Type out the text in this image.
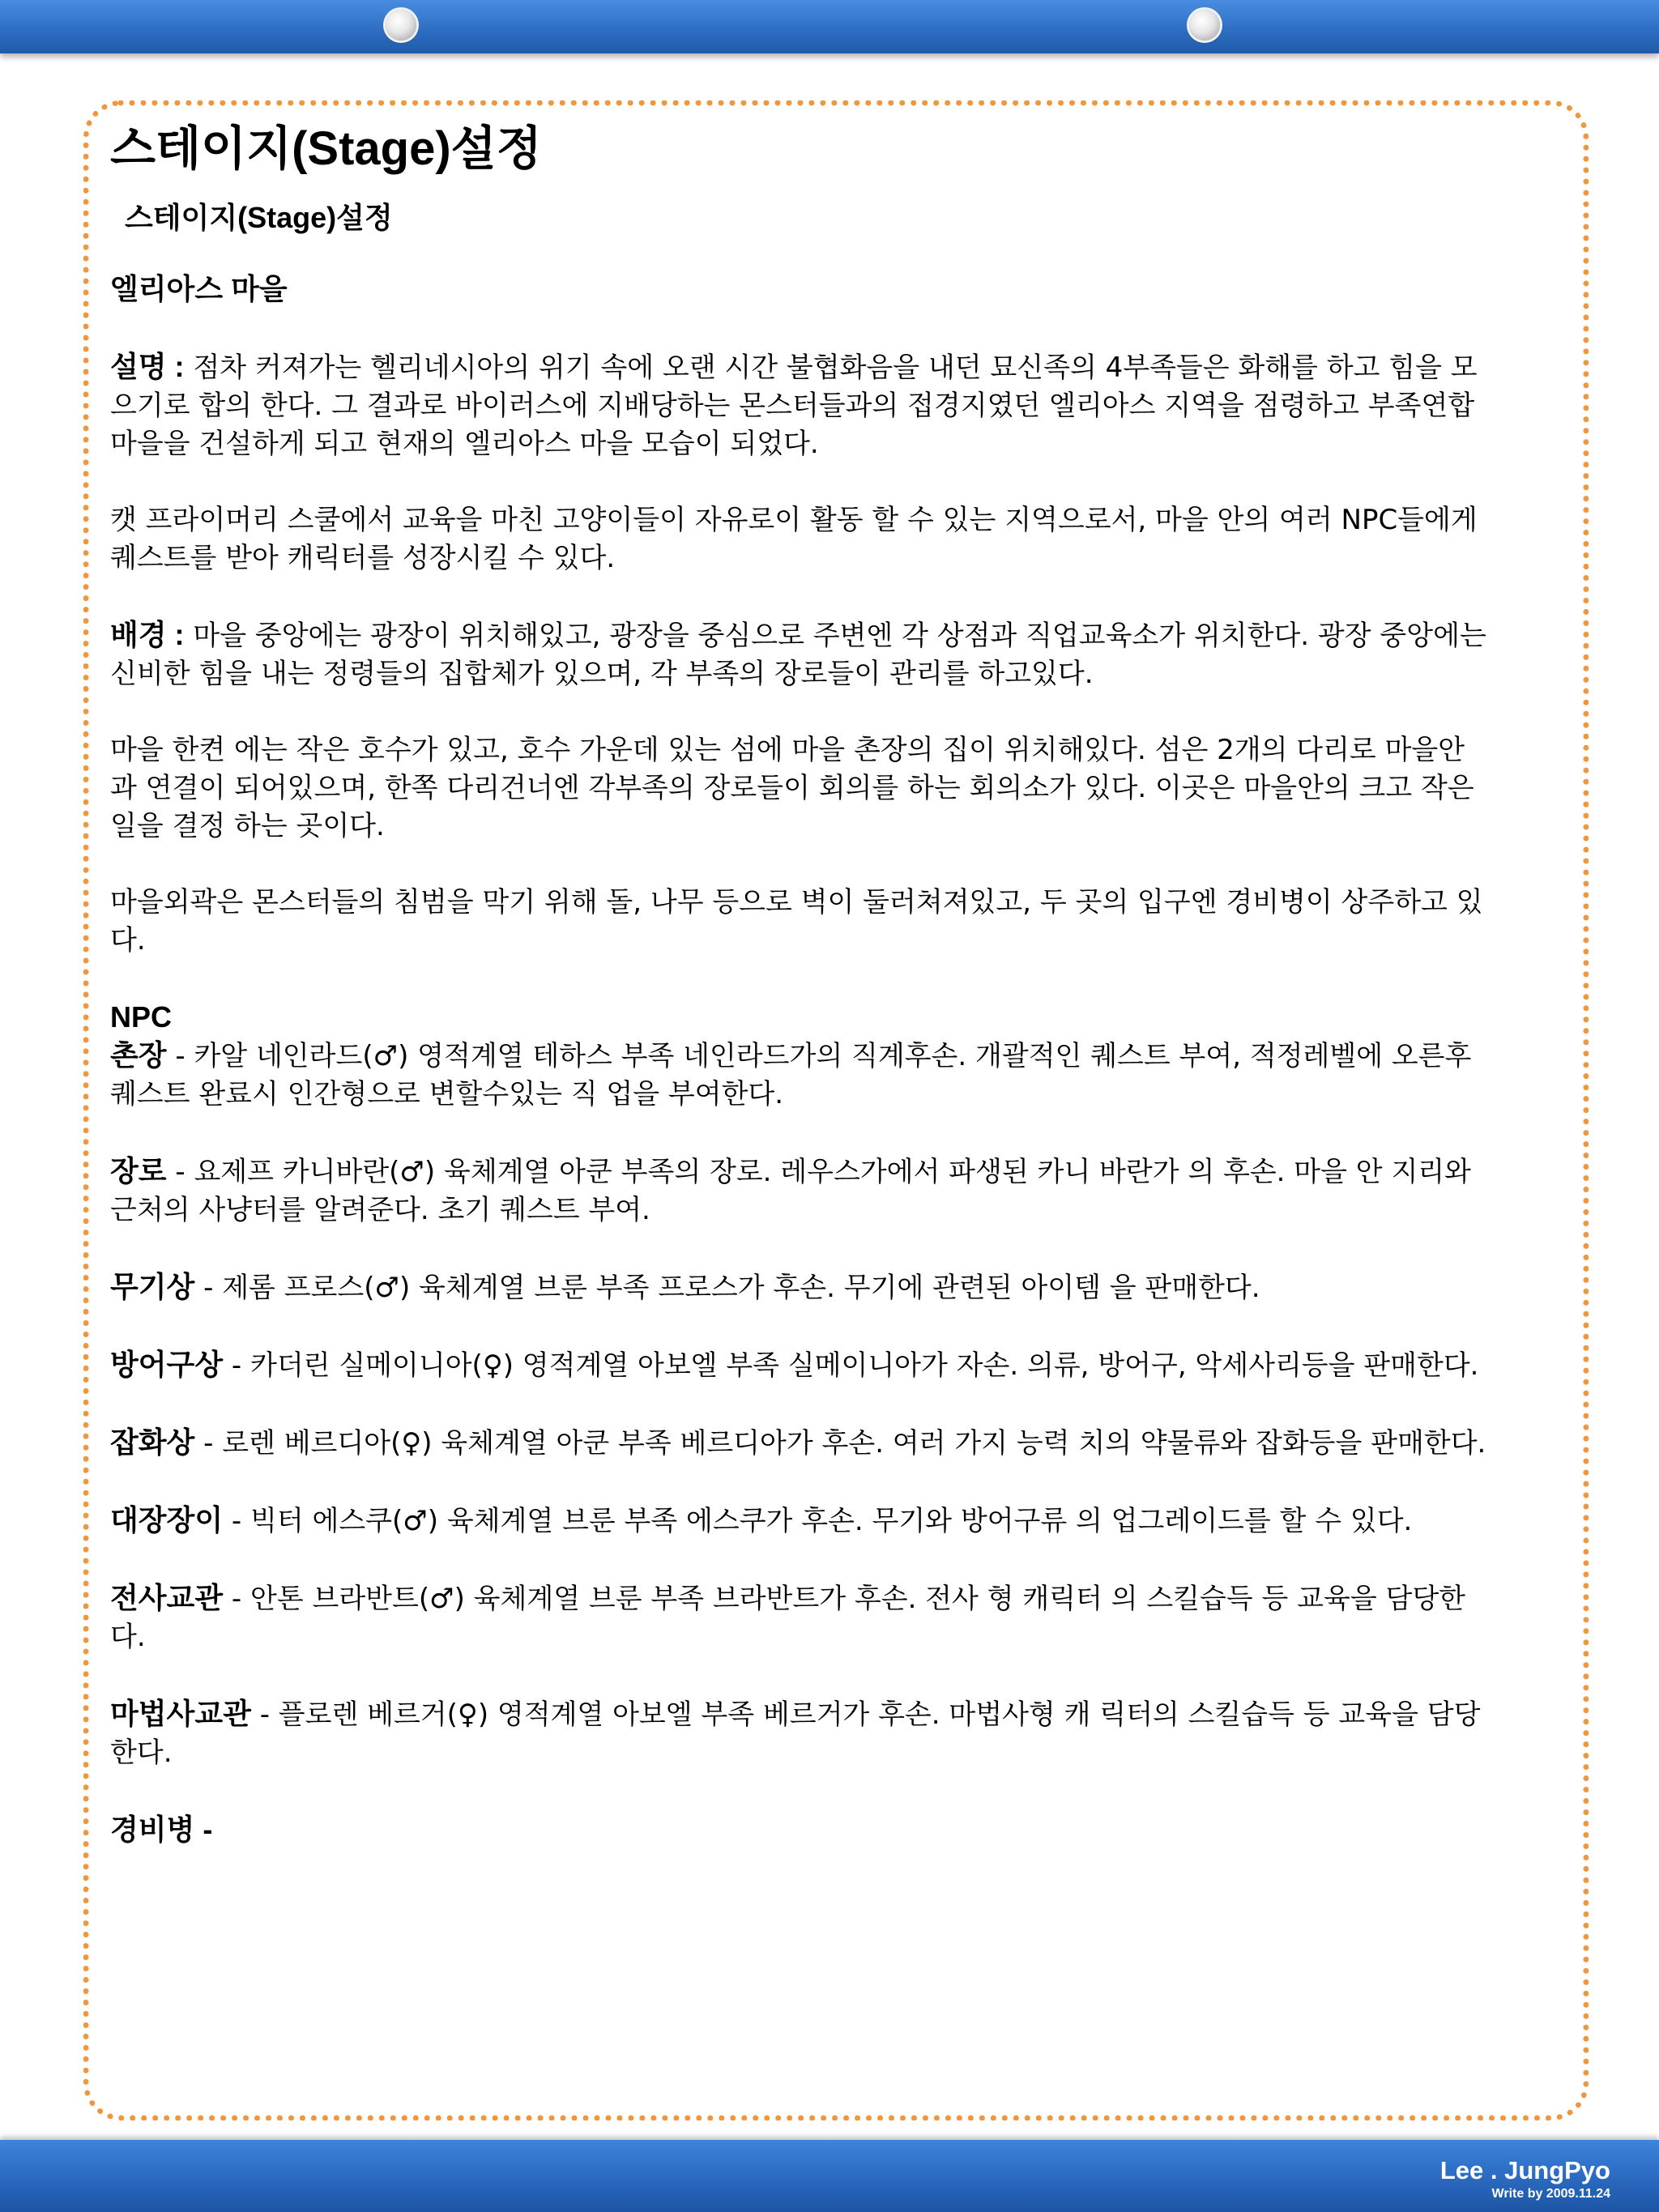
스테이지(Stage)설정
스테이지(Stage)설정
엘리아스 마을

설명 : 점차 커져가는 헬리네시아의 위기 속에 오랜 시간 불협화음을 내던 묘신족의 4부족들은 화해를 하고 힘을 모으기로 합의 한다. 그 결과로 바이러스에 지배당하는 몬스터들과의 접경지였던 엘리아스 지역을 점령하고 부족연합마을을 건설하게 되고 현재의 엘리아스 마을 모습이 되었다.

캣 프라이머리 스쿨에서 교육을 마친 고양이들이 자유로이 활동 할 수 있는 지역으로서, 마을 안의 여러 NPC들에게 퀘스트를 받아 캐릭터를 성장시킬 수 있다.

배경 : 마을 중앙에는 광장이 위치해있고, 광장을 중심으로 주변엔 각 상점과 직업교육소가 위치한다. 광장 중앙에는 신비한 힘을 내는 정령들의 집합체가 있으며, 각 부족의 장로들이 관리를 하고있다.

마을 한켠 에는 작은 호수가 있고, 호수 가운데 있는 섬에 마을 촌장의 집이 위치해있다. 섬은 2개의 다리로 마을안과 연결이 되어있으며, 한쪽 다리건너엔 각부족의 장로들이 회의를 하는 회의소가 있다. 이곳은 마을안의 크고 작은 일을 결정 하는 곳이다.

마을외곽은 몬스터들의 침범을 막기 위해 돌, 나무 등으로 벽이 둘러쳐져있고, 두 곳의 입구엔 경비병이 상주하고 있다.

NPC

촌장 - 카알 네인라드(♂) 영적계열 테하스 부족 네인라드가의 직계후손. 개괄적인 퀘스트 부여, 적정레벨에 오른후 퀘스트 완료시 인간형으로 변할수있는 직 업을 부여한다.

장로 - 요제프 카니바란(♂) 육체계열 아쿤 부족의 장로. 레우스가에서 파생된 카니 바란가 의 후손. 마을 안 지리와 근처의 사냥터를 알려준다. 초기 퀘스트 부여.

무기상 - 제롬 프로스(♂) 육체계열 브룬 부족 프로스가 후손. 무기에 관련된 아이템 을 판매한다.

방어구상 - 카더린 실메이니아(♀) 영적계열 아보엘 부족 실메이니아가 자손. 의류, 방어구, 악세사리등을 판매한다.

잡화상 - 로렌 베르디아(♀) 육체계열 아쿤 부족 베르디아가 후손. 여러 가지 능력 치의 약물류와 잡화등을 판매한다.

대장장이 - 빅터 에스쿠(♂) 육체계열 브룬 부족 에스쿠가 후손. 무기와 방어구류 의 업그레이드를 할 수 있다.

전사교관 - 안톤 브라반트(♂) 육체계열 브룬 부족 브라반트가 후손. 전사 형 캐릭터 의 스킬습득 등 교육을 담당한다.

마법사교관 - 플로렌 베르거(♀) 영적계열 아보엘 부족 베르거가 후손. 마법사형 캐 릭터의 스킬습득 등 교육을 담당한다.

경비병 -

Lee . JungPyo
Write by 2009.11.24
